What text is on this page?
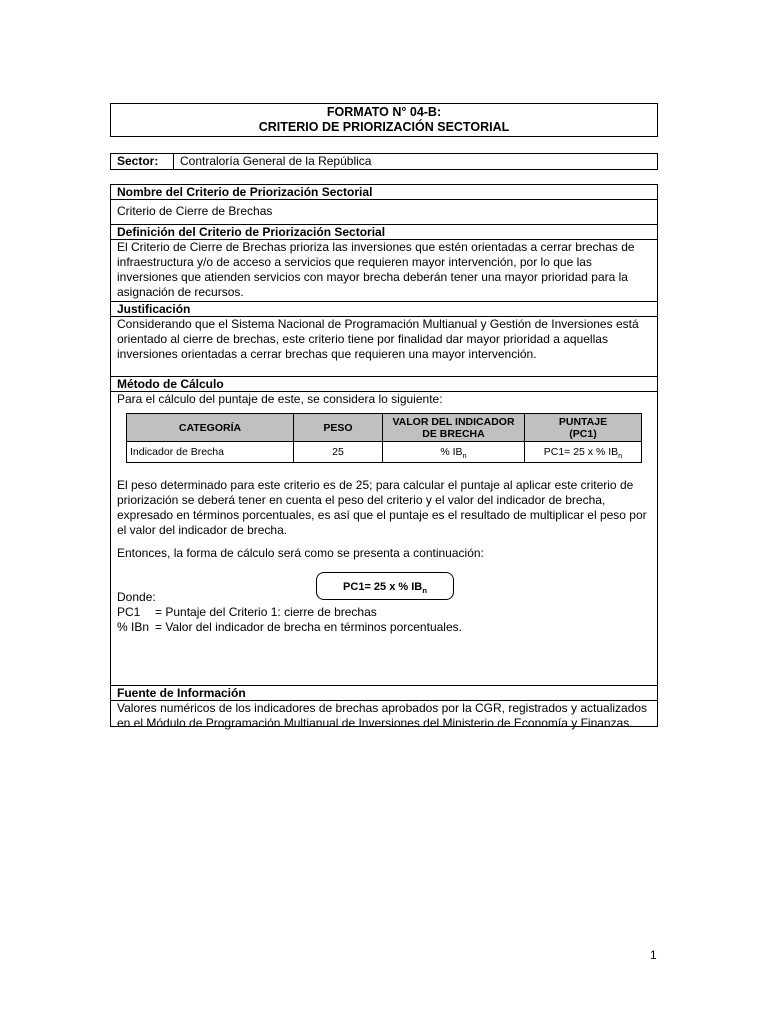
FORMATO N° 04-B:
CRITERIO DE PRIORIZACIÓN SECTORIAL
Sector:	Contraloría General de la República
Nombre del Criterio de Priorización Sectorial
Criterio de Cierre de Brechas
Definición del Criterio de Priorización Sectorial
El Criterio de Cierre de Brechas prioriza las inversiones que estén orientadas a cerrar brechas de infraestructura y/o de acceso a servicios que requieren mayor intervención, por lo que las inversiones que atienden servicios con mayor brecha deberán tener una mayor prioridad para la asignación de recursos.
Justificación
Considerando que el Sistema Nacional de Programación Multianual y Gestión de Inversiones está orientado al cierre de brechas, este criterio tiene por finalidad dar mayor prioridad a aquellas inversiones orientadas a cerrar brechas que requieren una mayor intervención.
Método de Cálculo

Para el cálculo del puntaje de este, se considera lo siguiente:

CATEGORÍA	PESO	VALOR DEL INDICADOR DE BRECHA	PUNTAJE
(PC1)
Indicador de Brecha	25	% $IB_n$	PC1= 25 x % $IB_n$

El peso determinado para este criterio es de 25; para calcular el puntaje al aplicar este criterio de priorización se deberá tener en cuenta el peso del criterio y el valor del indicador de brecha, expresado en términos porcentuales, es así que el puntaje es el resultado de multiplicar el peso por el valor del indicador de brecha.

Entonces, la forma de cálculo será como se presenta a continuación:

PC1= 25 x % $IB_n$
Donde:
PC1 = Puntaje del Criterio 1: cierre de brechas
% IBn = Valor del indicador de brecha en términos porcentuales.
Fuente de Información
Valores numéricos de los indicadores de brechas aprobados por la CGR, registrados y actualizados en el Módulo de Programación Multianual de Inversiones del Ministerio de Economía y Finanzas.
1
